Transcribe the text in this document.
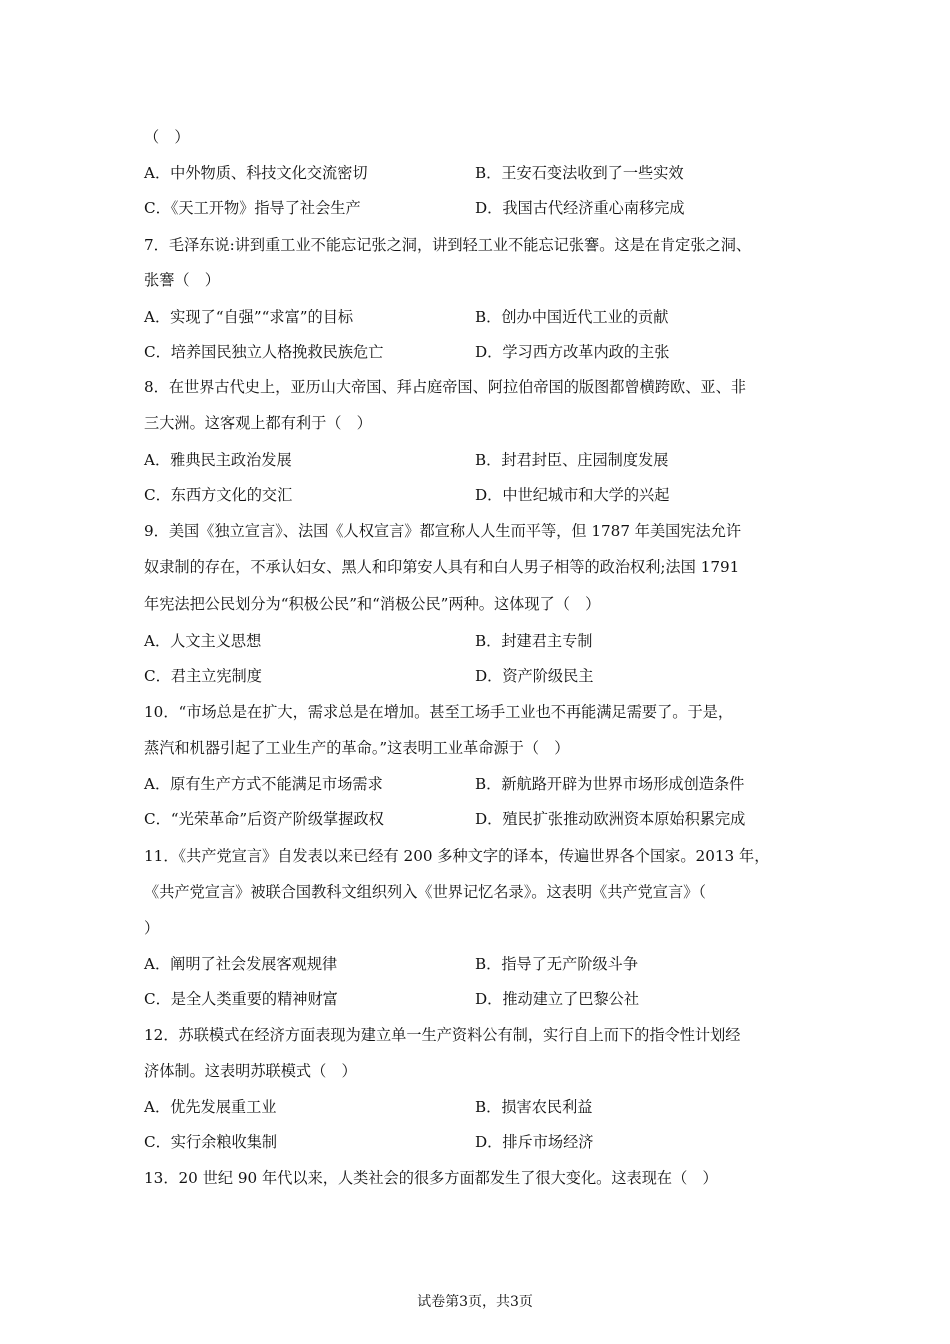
（　）
A．中外物质、科技文化交流密切	B．王安石变法收到了一些实效
C．《天工开物》指导了社会生产	D．我国古代经济重心南移完成
7．毛泽东说:讲到重工业不能忘记张之洞，讲到轻工业不能忘记张謇。这是在肯定张之洞、
张謇（　）
A．实现了“自强”“求富”的目标	B．创办中国近代工业的贡献
C．培养国民独立人格挽救民族危亡	D．学习西方改革内政的主张
8．在世界古代史上，亚历山大帝国、拜占庭帝国、阿拉伯帝国的版图都曾横跨欧、亚、非
三大洲。这客观上都有利于（　）
A．雅典民主政治发展	B．封君封臣、庄园制度发展
C．东西方文化的交汇	D．中世纪城市和大学的兴起
9．美国《独立宣言》、法国《人权宣言》都宣称人人生而平等，但 1787 年美国宪法允许
奴隶制的存在，不承认妇女、黑人和印第安人具有和白人男子相等的政治权利;法国 1791
年宪法把公民划分为“积极公民”和“消极公民”两种。这体现了（　）
A．人文主义思想	B．封建君主专制
C．君主立宪制度	D．资产阶级民主
10．“市场总是在扩大，需求总是在增加。甚至工场手工业也不再能满足需要了。于是，
蒸汽和机器引起了工业生产的革命。”这表明工业革命源于（　）
A．原有生产方式不能满足市场需求	B．新航路开辟为世界市场形成创造条件
C．“光荣革命”后资产阶级掌握政权	D．殖民扩张推动欧洲资本原始积累完成
11．《共产党宣言》自发表以来已经有 200 多种文字的译本，传遍世界各个国家。2013 年，
《共产党宣言》被联合国教科文组织列入《世界记忆名录》。这表明《共产党宣言》（
）
A．阐明了社会发展客观规律	B．指导了无产阶级斗争
C．是全人类重要的精神财富	D．推动建立了巴黎公社
12．苏联模式在经济方面表现为建立单一生产资料公有制，实行自上而下的指令性计划经
济体制。这表明苏联模式（　）
A．优先发展重工业	B．损害农民利益
C．实行余粮收集制	D．排斥市场经济
13．20 世纪 90 年代以来，人类社会的很多方面都发生了很大变化。这表现在（　）
试卷第3页，共3页
